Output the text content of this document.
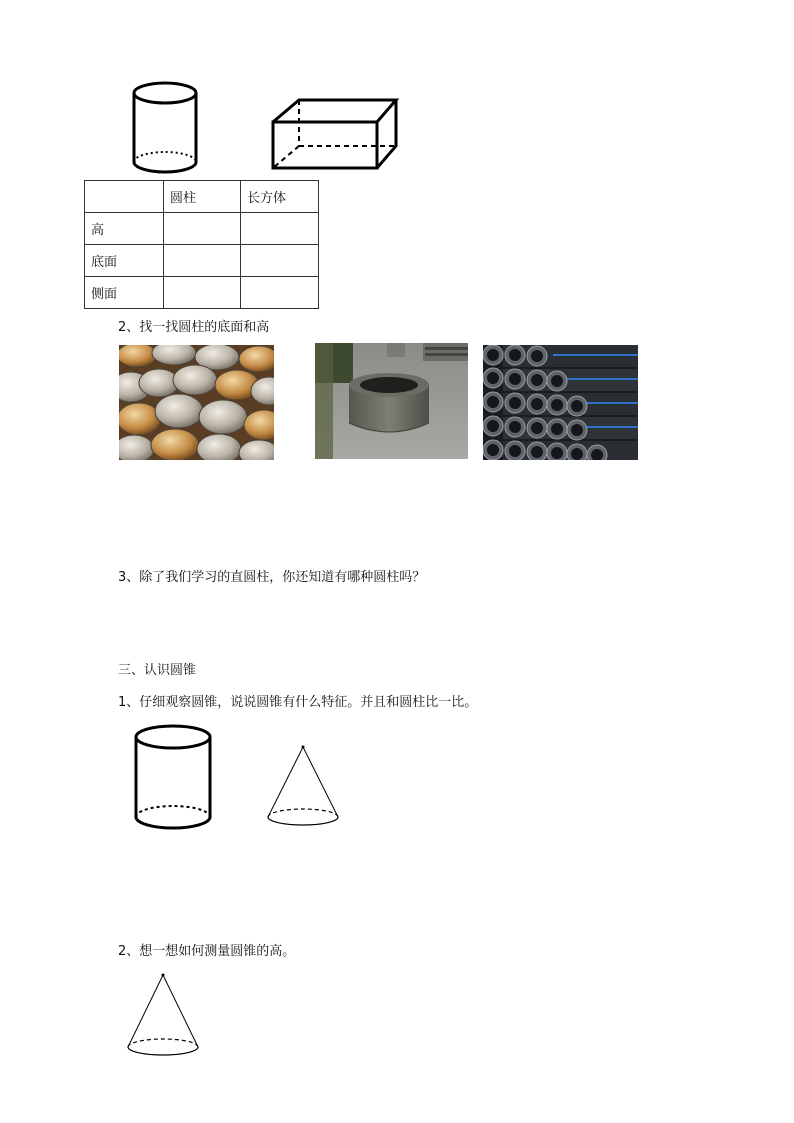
	圆柱	长方体
高		
底面		
侧面		
2、找一找圆柱的底面和高
3、除了我们学习的直圆柱，你还知道有哪种圆柱吗？
三、认识圆锥
1、仔细观察圆锥，说说圆锥有什么特征。并且和圆柱比一比。
2、想一想如何测量圆锥的高。
